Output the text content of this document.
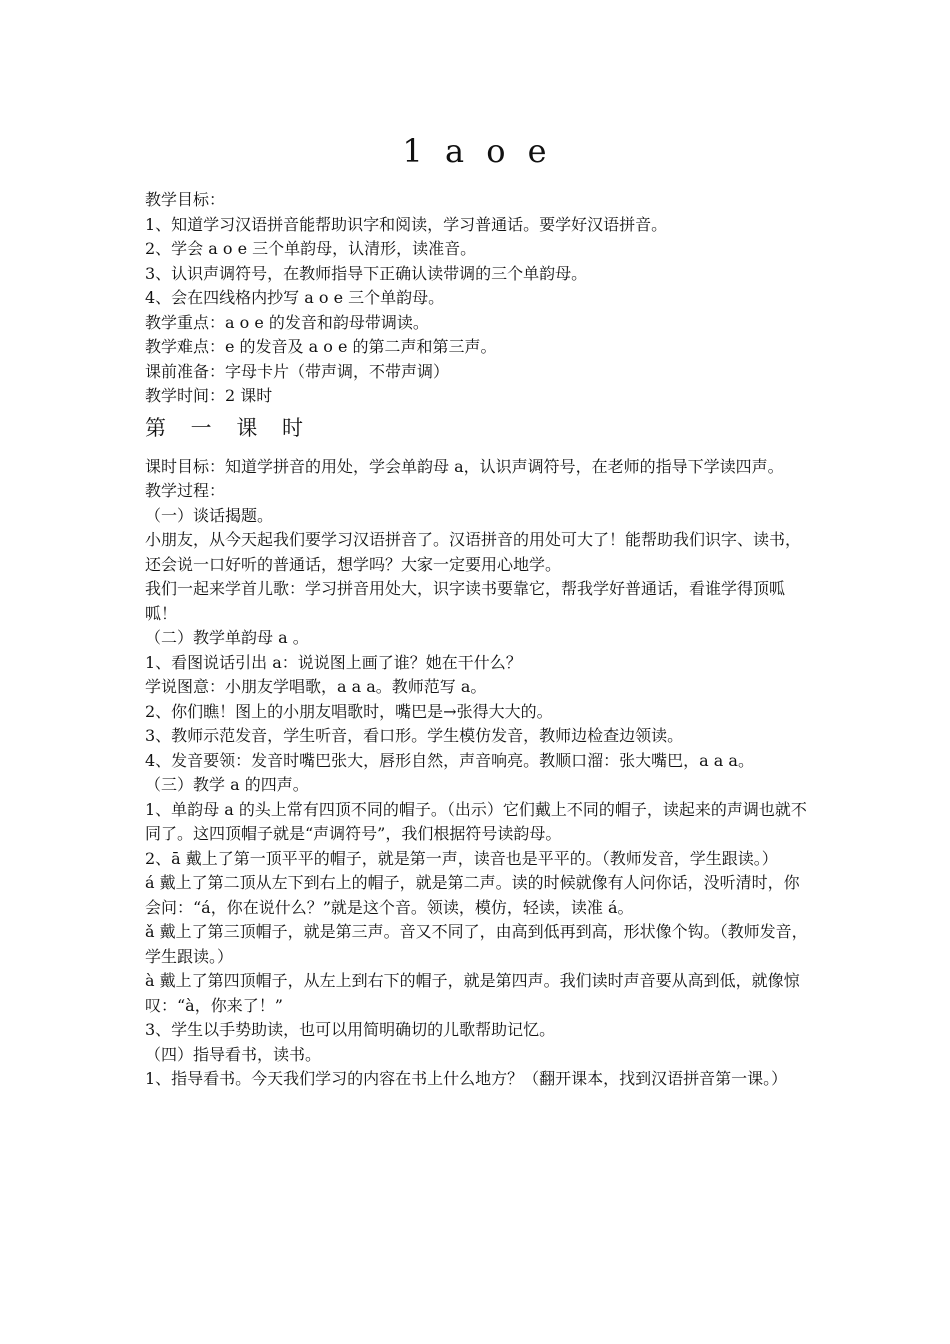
1 a o e

教学目标：

1、知道学习汉语拼音能帮助识字和阅读，学习普通话。要学好汉语拼音。

2、学会 a o e 三个单韵母，认清形，读准音。

3、认识声调符号，在教师指导下正确认读带调的三个单韵母。

4、会在四线格内抄写 a o e 三个单韵母。

教学重点：a o e 的发音和韵母带调读。

教学难点：e 的发音及 a o e 的第二声和第三声。

课前准备：字母卡片（带声调，不带声调）

教学时间：2 课时

第 一 课 时

课时目标：知道学拼音的用处，学会单韵母 a，认识声调符号，在老师的指导下学读四声。

教学过程：

（一）谈话揭题。

小朋友，从今天起我们要学习汉语拼音了。汉语拼音的用处可大了！能帮助我们识字、读书，还会说一口好听的普通话，想学吗？大家一定要用心地学。

我们一起来学首儿歌：学习拼音用处大，识字读书要靠它，帮我学好普通话，看谁学得顶呱呱！

（二）教学单韵母 a 。

1、看图说话引出 a：说说图上画了谁？她在干什么？

学说图意：小朋友学唱歌，a a a。教师范写 a。

2、你们瞧！图上的小朋友唱歌时，嘴巴是→张得大大的。

3、教师示范发音，学生听音，看口形。学生模仿发音，教师边检查边领读。

4、发音要领：发音时嘴巴张大，唇形自然，声音响亮。教顺口溜：张大嘴巴，a a a。

（三）教学 a 的四声。

1、单韵母 a 的头上常有四顶不同的帽子。（出示）它们戴上不同的帽子，读起来的声调也就不同了。这四顶帽子就是“声调符号”，我们根据符号读韵母。

2、ā 戴上了第一顶平平的帽子，就是第一声，读音也是平平的。（教师发音，学生跟读。）

á 戴上了第二顶从左下到右上的帽子，就是第二声。读的时候就像有人问你话，没听清时，你会问：“á，你在说什么？”就是这个音。领读，模仿，轻读，读准 á。

ǎ 戴上了第三顶帽子，就是第三声。音又不同了，由高到低再到高，形状像个钩。（教师发音，学生跟读。）

à 戴上了第四顶帽子，从左上到右下的帽子，就是第四声。我们读时声音要从高到低，就像惊叹：“à，你来了！”

3、学生以手势助读，也可以用简明确切的儿歌帮助记忆。

（四）指导看书，读书。

1、指导看书。今天我们学习的内容在书上什么地方？（翻开课本，找到汉语拼音第一课。）
